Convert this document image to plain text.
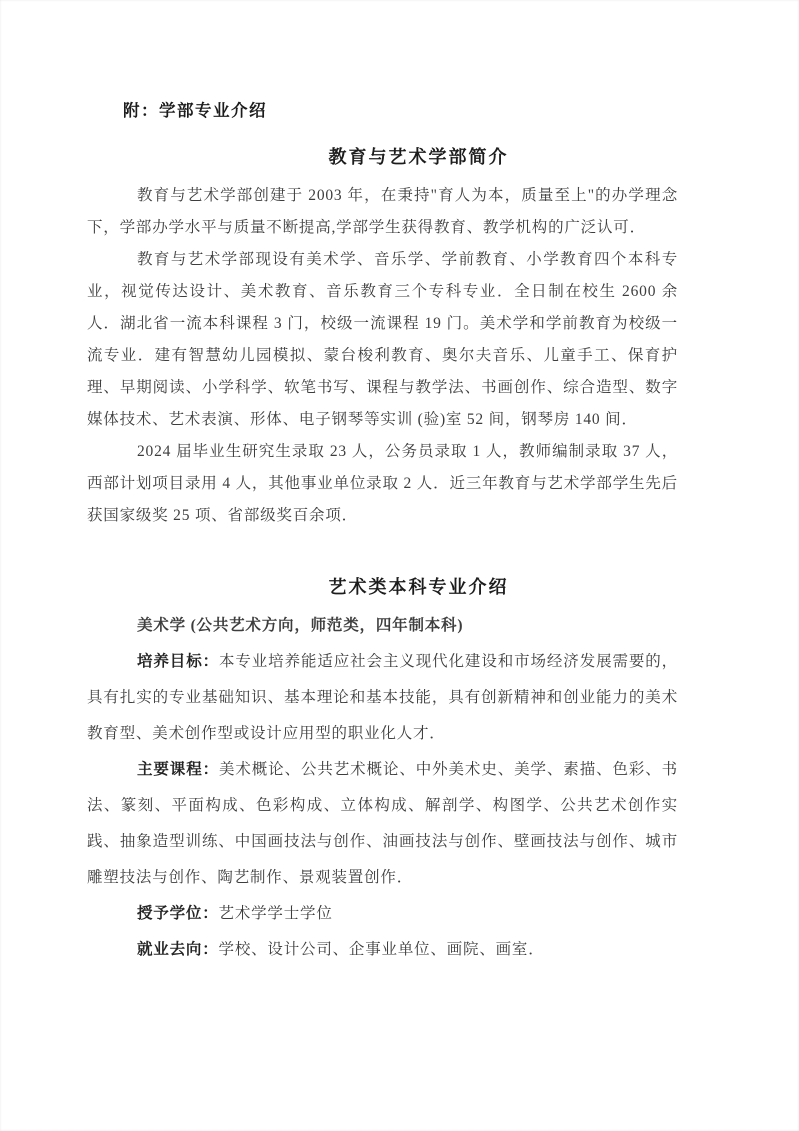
附：学部专业介绍
教育与艺术学部简介

教育与艺术学部创建于 2003 年，在秉持"育人为本，质量至上"的办学理念下，学部办学水平与质量不断提高,学部学生获得教育、教学机构的广泛认可．

教育与艺术学部现设有美术学、音乐学、学前教育、小学教育四个本科专业，视觉传达设计、美术教育、音乐教育三个专科专业．全日制在校生 2600 余人．湖北省一流本科课程 3 门，校级一流课程 19 门。美术学和学前教育为校级一流专业．建有智慧幼儿园模拟、蒙台梭利教育、奥尔夫音乐、儿童手工、保育护理、早期阅读、小学科学、软笔书写、课程与教学法、书画创作、综合造型、数字媒体技术、艺术表演、形体、电子钢琴等实训 (验)室 52 间，钢琴房 140 间．

2024 届毕业生研究生录取 23 人，公务员录取 1 人，教师编制录取 37 人，西部计划项目录用 4 人，其他事业单位录取 2 人．近三年教育与艺术学部学生先后获国家级奖 25 项、省部级奖百余项．

艺术类本科专业介绍

美术学 (公共艺术方向，师范类，四年制本科)

培养目标：本专业培养能适应社会主义现代化建设和市场经济发展需要的，具有扎实的专业基础知识、基本理论和基本技能，具有创新精神和创业能力的美术教育型、美术创作型或设计应用型的职业化人才．

主要课程：美术概论、公共艺术概论、中外美术史、美学、素描、色彩、书法、篆刻、平面构成、色彩构成、立体构成、解剖学、构图学、公共艺术创作实践、抽象造型训练、中国画技法与创作、油画技法与创作、壁画技法与创作、城市雕塑技法与创作、陶艺制作、景观装置创作．

授予学位：艺术学学士学位

就业去向：学校、设计公司、企事业单位、画院、画室．
